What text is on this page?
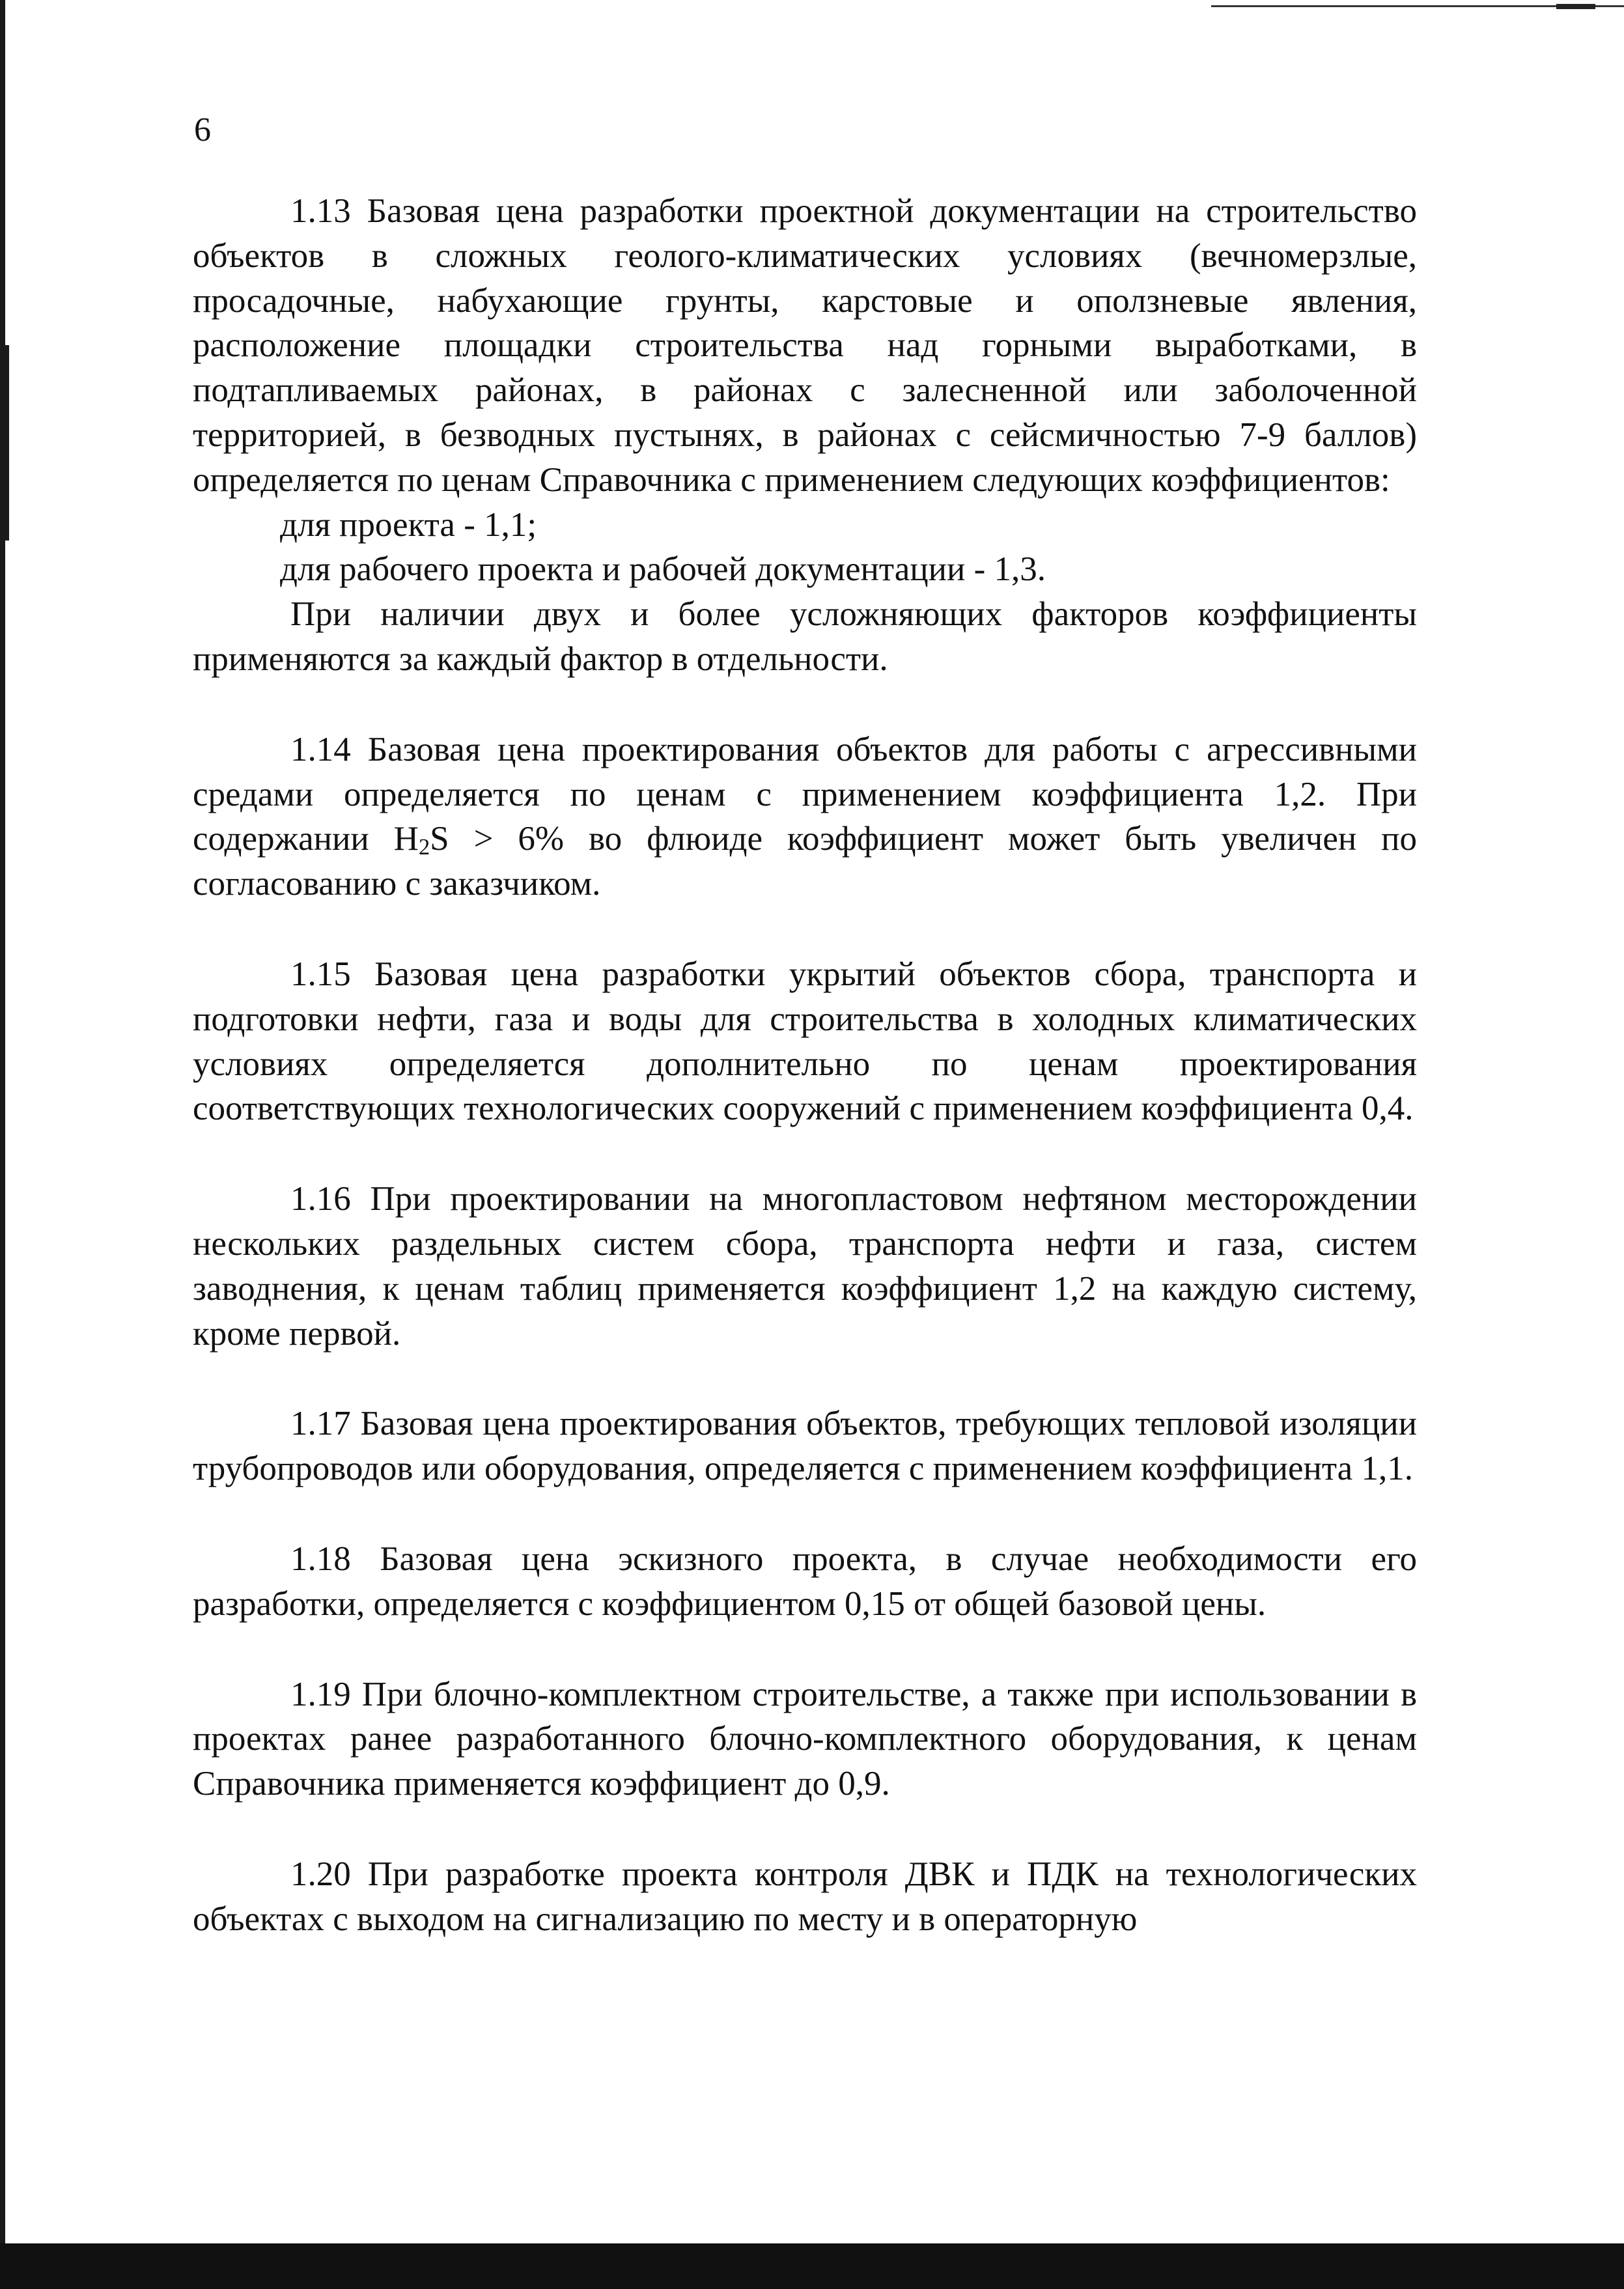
6

1.13 Базовая цена разработки проектной документации на строительство объектов в сложных геолого-климатических условиях (вечномерзлые, просадочные, набухающие грунты, карстовые и оползневые явления, расположение площадки строительства над горными выработками, в подтапливаемых районах, в районах с залесненной или заболоченной территорией, в безводных пустынях, в районах с сейсмичностью 7-9 баллов) определяется по ценам Справочника с применением следующих коэффициентов:

для проекта - 1,1;

для рабочего проекта и рабочей документации - 1,3.

При наличии двух и более усложняющих факторов коэффициенты применяются за каждый фактор в отдельности.

1.14 Базовая цена проектирования объектов для работы с агрессивными средами определяется по ценам с применением коэффициента 1,2. При содержании $H_2S > 6\%$ во флюиде коэффициент может быть увеличен по согласованию с заказчиком.

1.15 Базовая цена разработки укрытий объектов сбора, транспорта и подготовки нефти, газа и воды для строительства в холодных климатических условиях определяется дополнительно по ценам проектирования соответствующих технологических сооружений с применением коэффициента 0,4.

1.16 При проектировании на многопластовом нефтяном месторождении нескольких раздельных систем сбора, транспорта нефти и газа, систем заводнения, к ценам таблиц применяется коэффициент 1,2 на каждую систему, кроме первой.

1.17 Базовая цена проектирования объектов, требующих тепловой изоляции трубопроводов или оборудования, определяется с применением коэффициента 1,1.

1.18 Базовая цена эскизного проекта, в случае необходимости его разработки, определяется с коэффициентом 0,15 от общей базовой цены.

1.19 При блочно-комплектном строительстве, а также при использовании в проектах ранее разработанного блочно-комплектного оборудования, к ценам Справочника применяется коэффициент до 0,9.

1.20 При разработке проекта контроля ДВК и ПДК на технологических объектах с выходом на сигнализацию по месту и в операторную
